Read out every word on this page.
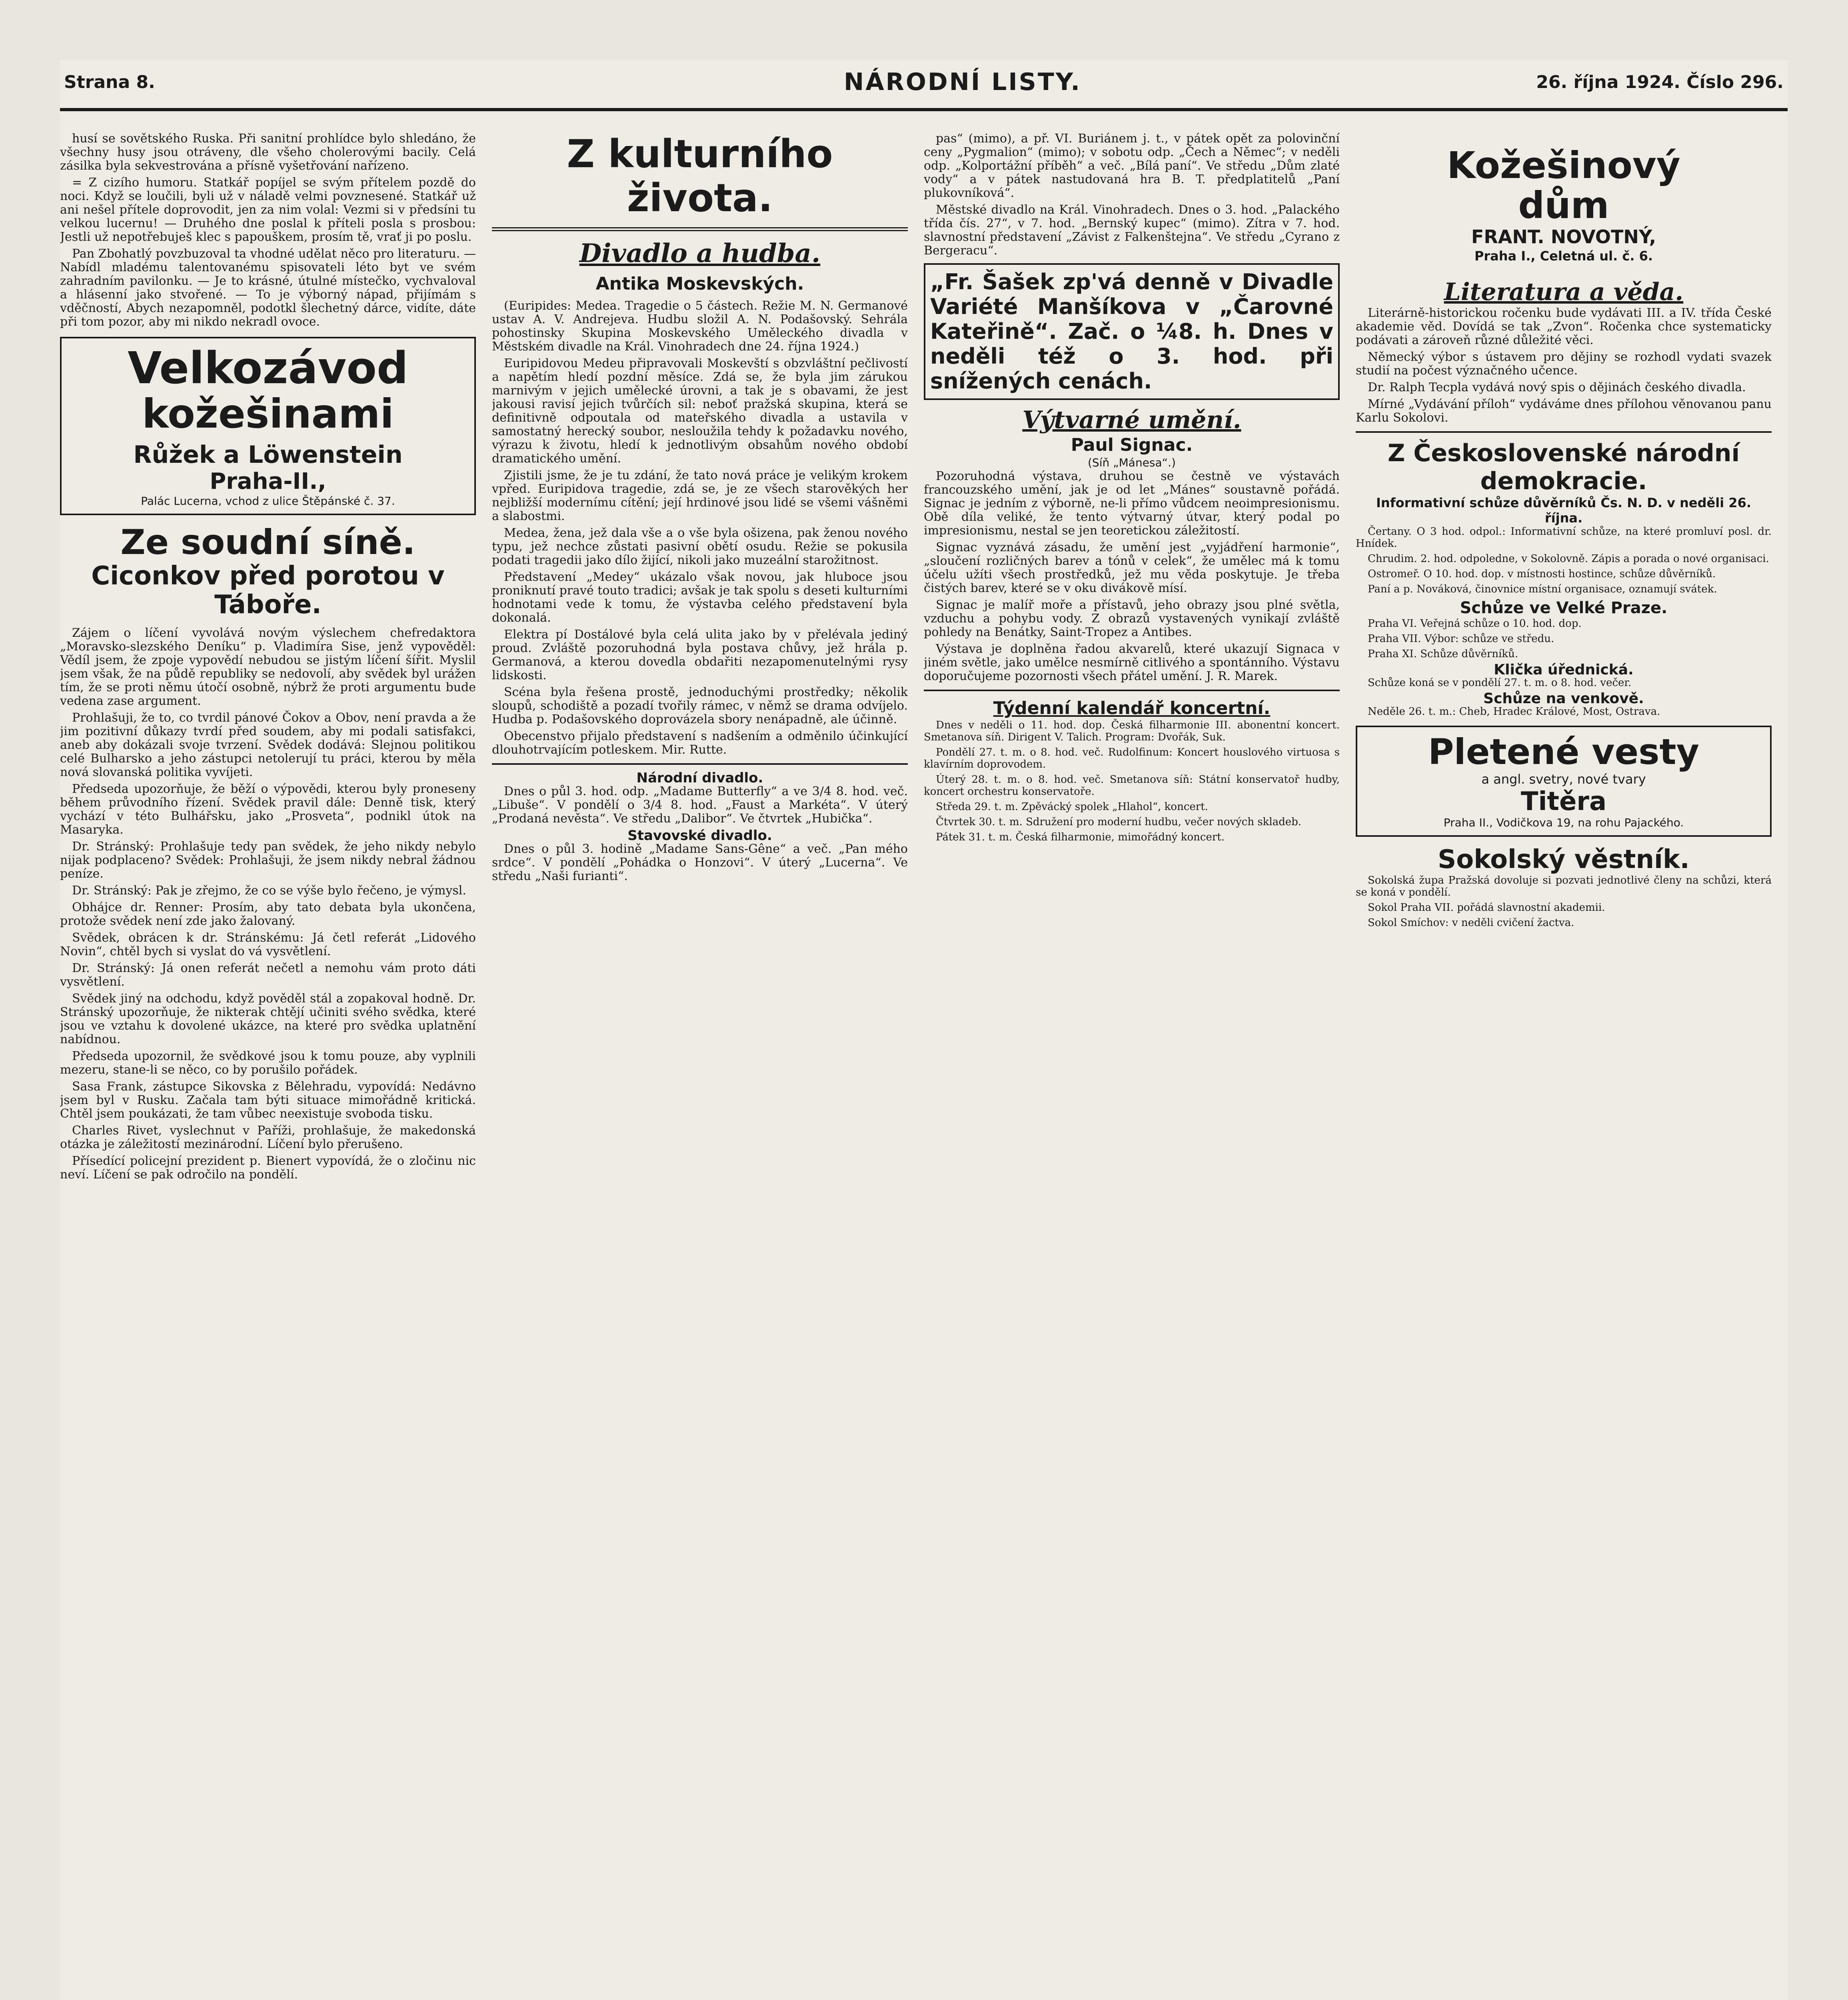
Strana 8.	NÁRODNÍ LISTY.	26. října 1924. Číslo 296.

husí se sovětského Ruska. Při sanitní prohlídce bylo shledáno, že všechny husy jsou otráveny, dle všeho cholerovými bacily. Celá zásilka byla sekvestrována a přísně vyšetřování nařízeno.

= Z cizího humoru. Statkář popíjel se svým přítelem pozdě do noci. Když se loučili, byli už v náladě velmi povznesené. Statkář už ani nešel přítele doprovodit, jen za nim volal: Vezmi si v předsíni tu velkou lucernu! — Druhého dne poslal k příteli posla s prosbou: Jestli už nepotřebuješ klec s papouškem, prosím tě, vrať ji po poslu.

Pan Zbohatlý povzbuzoval ta vhodné udělat něco pro literaturu. — Nabídl mladému talentovanému spisovateli léto byt ve svém zahradním pavilonku. — Je to krásné, útulné místečko, vychvaloval a hlásenní jako stvořené. — To je výborný nápad, přijímám s vděčností, Abych nezapomněl, podotkl šlechetný dárce, vidíte, dáte při tom pozor, aby mi nikdo nekradl ovoce.

Velkozávod
kožešinami
Růžek a Löwenstein
Praha-II.,
Palác Lucerna, vchod z ulice Štěpánské č. 37.
Ze soudní síně.
Ciconkov před porotou v Táboře.

Zájem o líčení vyvolává novým výslechem chefredaktora „Moravsko-slezského Deníku“ p. Vladimíra Sise, jenž vypověděl: Vědíl jsem, že zpoje vypovědí nebudou se jistým líčení šířit. Myslil jsem však, že na půdě republiky se nedovolí, aby svědek byl urážen tím, že se proti němu útočí osobně, nýbrž že proti argumentu bude vedena zase argument.

Prohlašuji, že to, co tvrdil pánové Čokov a Obov, není pravda a že jim pozitivní důkazy tvrdí před soudem, aby mi podali satisfakci, aneb aby dokázali svoje tvrzení. Svědek dodává: Slejnou politikou celé Bulharsko a jeho zástupci netolerují tu práci, kterou by měla nová slovanská politika vyvíjeti.

Předseda upozorňuje, že běží o výpovědi, kterou byly proneseny během průvodního řízení. Svědek pravil dále: Denně tisk, který vychází v této Bulhářsku, jako „Prosveta“, podnikl útok na Masaryka.

Dr. Stránský: Prohlašuje tedy pan svědek, že jeho nikdy nebylo nijak podplaceno? Svědek: Prohlašuji, že jsem nikdy nebral žádnou peníze.

Dr. Stránský: Pak je zřejmo, že co se výše bylo řečeno, je výmysl.

Obhájce dr. Renner: Prosím, aby tato debata byla ukončena, protože svědek není zde jako žalovaný.

Svědek, obrácen k dr. Stránskému: Já četl referát „Lidového Novin“, chtěl bych si vyslat do vá vysvětlení.

Dr. Stránský: Já onen referát nečetl a nemohu vám proto dáti vysvětlení.

Svědek jiný na odchodu, když pověděl stál a zopakoval hodně. Dr. Stránský upozorňuje, že nikterak chtějí učiniti svého svědka, které jsou ve vztahu k dovolené ukázce, na které pro svědka uplatnění nabídnou.

Předseda upozornil, že svědkové jsou k tomu pouze, aby vyplnili mezeru, stane-li se něco, co by porušilo pořádek.

Sasa Frank, zástupce Sikovska z Bělehradu, vypovídá: Nedávno jsem byl v Rusku. Začala tam býti situace mimořádně kritická. Chtěl jsem poukázati, že tam vůbec neexistuje svoboda tisku.

Charles Rivet, vyslechnut v Paříži, prohlašuje, že makedonská otázka je záležitostí mezinárodní. Líčení bylo přerušeno.

Přísedící policejní prezident p. Bienert vypovídá, že o zločinu nic neví. Líčení se pak odročilo na pondělí.

Z kulturního života.
Divadlo a hudba.
Antika Moskevských.

(Euripides: Medea. Tragedie o 5 částech. Režie M. N. Germanové ustav A. V. Andrejeva. Hudbu složil A. N. Podašovský. Sehrála pohostinsky Skupina Moskevského Uměleckého divadla v Městském divadle na Král. Vinohradech dne 24. října 1924.)

Euripidovou Medeu připravovali Moskevští s obzvláštní pečlivostí a napětím hledí pozdní měsíce. Zdá se, že byla jim zárukou marnivým v jejich umělecké úrovni, a tak je s obavami, že jest jakousi ravisí jejich tvůrčích sil: neboť pražská skupina, která se definitivně odpoutala od mateřského divadla a ustavila v samostatný herecký soubor, nesloužila tehdy k požadavku nového, výrazu k životu, hledí k jednotlivým obsahům nového období dramatického umění.

Zjistili jsme, že je tu zdání, že tato nová práce je velikým krokem vpřed. Euripidova tragedie, zdá se, je ze všech starověkých her nejbližší modernímu cítění; její hrdinové jsou lidé se všemi vášněmi a slabostmi.

Medea, žena, jež dala vše a o vše byla ošizena, pak ženou nového typu, jež nechce zůstati pasivní obětí osudu. Režie se pokusila podati tragedii jako dílo žijící, nikoli jako muzeální starožitnost.

Představení „Medey“ ukázalo však novou, jak hluboce jsou proniknutí pravé touto tradici; avšak je tak spolu s deseti kulturními hodnotami vede k tomu, že výstavba celého představení byla dokonalá.

Elektra pí Dostálové byla celá ulita jako by v přelévala jediný proud. Zvláště pozoruhodná byla postava chůvy, jež hrála p. Germanová, a kterou dovedla obdařiti nezapomenutelnými rysy lidskosti.

Scéna byla řešena prostě, jednoduchými prostředky; několik sloupů, schodiště a pozadí tvořily rámec, v němž se drama odvíjelo. Hudba p. Podašovského doprovázela sbory nenápadně, ale účinně.

Obecenstvo přijalo představení s nadšením a odměnilo účinkující dlouhotrvajícím potleskem. Mir. Rutte.

Národní divadlo.

Dnes o půl 3. hod. odp. „Madame Butterfly“ a ve 3/4 8. hod. več. „Libuše“. V pondělí o 3/4 8. hod. „Faust a Markéta“. V úterý „Prodaná nevěsta“. Ve středu „Dalibor“. Ve čtvrtek „Hubička“.

Stavovské divadlo.

Dnes o půl 3. hodině „Madame Sans-Gêne“ a več. „Pan mého srdce“. V pondělí „Pohádka o Honzovi“. V úterý „Lucerna“. Ve středu „Naši furianti“.

pas“ (mimo), a př. VI. Buriánem j. t., v pátek opět za polovinční ceny „Pygmalion“ (mimo); v sobotu odp. „Čech a Němec“; v neděli odp. „Kolportážní příběh“ a več. „Bílá paní“. Ve středu „Dům zlaté vody“ a v pátek nastudovaná hra B. T. předplatitelů „Paní plukovníková“.

Městské divadlo na Král. Vinohradech. Dnes o 3. hod. „Palackého třída čís. 27“, v 7. hod. „Bernský kupec“ (mimo). Zítra v 7. hod. slavnostní představení „Závist z Falkenštejna“. Ve středu „Cyrano z Bergeracu“.

„Fr. Šašek zp'vá denně v Divadle Variété Manšíkova v „Čarovné Kateřině“. Zač. o ¼8. h. Dnes v neděli též o 3. hod. při snížených cenách.
Výtvarné umění.
Paul Signac.
(Síň „Mánesa“.)

Pozoruhodná výstava, druhou se čestně ve výstavách francouzského umění, jak je od let „Mánes“ soustavně pořádá. Signac je jedním z výborně, ne-li přímo vůdcem neoimpresionismu. Obě díla veliké, že tento výtvarný útvar, který podal po impresionismu, nestal se jen teoretickou záležitostí.

Signac vyznává zásadu, že umění jest „vyjádření harmonie“, „sloučení rozličných barev a tónů v celek“, že umělec má k tomu účelu užíti všech prostředků, jež mu věda poskytuje. Je třeba čistých barev, které se v oku divákově mísí.

Signac je malíř moře a přístavů, jeho obrazy jsou plné světla, vzduchu a pohybu vody. Z obrazů vystavených vynikají zvláště pohledy na Benátky, Saint-Tropez a Antibes.

Výstava je doplněna řadou akvarelů, které ukazují Signaca v jiném světle, jako umělce nesmírně citlivého a spontánního. Výstavu doporučujeme pozornosti všech přátel umění. J. R. Marek.

Týdenní kalendář koncertní.

Dnes v neděli o 11. hod. dop. Česká filharmonie III. abonentní koncert. Smetanova síň. Dirigent V. Talich. Program: Dvořák, Suk.

Pondělí 27. t. m. o 8. hod. več. Rudolfinum: Koncert houslového virtuosa s klavírním doprovodem.

Úterý 28. t. m. o 8. hod. več. Smetanova síň: Státní konservatoř hudby, koncert orchestru konservatoře.

Středa 29. t. m. Zpěvácký spolek „Hlahol“, koncert.

Čtvrtek 30. t. m. Sdružení pro moderní hudbu, večer nových skladeb.

Pátek 31. t. m. Česká filharmonie, mimořádný koncert.

Kožešinový
dům
FRANT. NOVOTNÝ,
Praha I., Celetná ul. č. 6.
Literatura a věda.

Literárně-historickou ročenku bude vydávati III. a IV. třída České akademie věd. Dovídá se tak „Zvon“. Ročenka chce systematicky podávati a zároveň různé důležité věci.

Německý výbor s ústavem pro dějiny se rozhodl vydati svazek studií na počest význačného učence.

Dr. Ralph Tecpla vydává nový spis o dějinách českého divadla.

Mírné „Vydávání příloh“ vydáváme dnes přílohou věnovanou panu Karlu Sokolovi.

Z Československé národní demokracie.
Informativní schůze důvěrníků Čs. N. D. v neděli 26. října.

Čertany. O 3 hod. odpol.: Informativní schůze, na které promluví posl. dr. Hnídek.

Chrudim. 2. hod. odpoledne, v Sokolovně. Zápis a porada o nové organisaci.

Ostromeř. O 10. hod. dop. v místnosti hostince, schůze důvěrníků.

Paní a p. Nováková, činovnice místní organisace, oznamují svátek.

Schůze ve Velké Praze.

Praha VI. Veřejná schůze o 10. hod. dop.

Praha VII. Výbor: schůze ve středu.

Praha XI. Schůze důvěrníků.

Klička úřednická.

Schůze koná se v pondělí 27. t. m. o 8. hod. večer.

Schůze na venkově.

Neděle 26. t. m.: Cheb, Hradec Králové, Most, Ostrava.

Pletené vesty
a angl. svetry, nové tvary
Titěra
Praha II., Vodičkova 19, na rohu Pajackého.
Sokolský věstník.

Sokolská župa Pražská dovoluje si pozvati jednotlivé členy na schůzi, která se koná v pondělí.

Sokol Praha VII. pořádá slavnostní akademii.

Sokol Smíchov: v neděli cvičení žactva.
